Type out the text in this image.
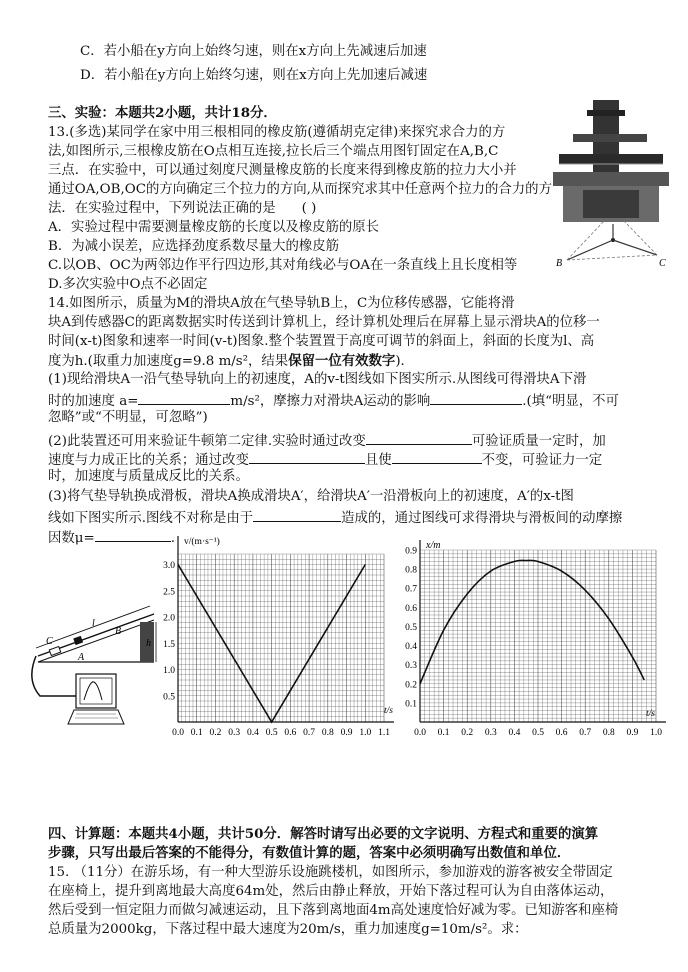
C．若小船在y方向上始终匀速，则在x方向上先减速后加速
D．若小船在y方向上始终匀速，则在x方向上先加速后减速
三、实验：本题共2小题，共计18分．
13.(多选)某同学在家中用三根相同的橡皮筋(遵循胡克定律)来探究求合力的方
法,如图所示,三根橡皮筋在O点相互连接,拉长后三个端点用图钉固定在A,B,C
三点．在实验中，可以通过刻度尺测量橡皮筋的长度来得到橡皮筋的拉力大小并
通过OA,OB,OC的方向确定三个拉力的方向,从而探究求其中任意两个拉力的合力的方
法．在实验过程中，下列说法正确的是 ( )
A．实验过程中需要测量橡皮筋的长度以及橡皮筋的原长
B．为减小误差，应选择劲度系数尽量大的橡皮筋
C.以OB、OC为两邻边作平行四边形,其对角线必与OA在一条直线上且长度相等
D.多次实验中O点不必固定
B	C
14.如图所示，质量为M的滑块A放在气垫导轨B上，C为位移传感器，它能将滑
块A到传感器C的距离数据实时传送到计算机上，经计算机处理后在屏幕上显示滑块A的位移一
时间(x-t)图象和速率一时间(v-t)图象.整个装置置于高度可调节的斜面上，斜面的长度为l、高
度为h.(取重力加速度g=9.8 m/s²，结果保留一位有效数字)．
(1)现给滑块A一沿气垫导轨向上的初速度，A的v-t图线如下图实所示.从图线可得滑块A下滑
时的加速度 a=	m/s²，摩擦力对滑块A运动的影响	.(填“明显，不可
忽略”或“不明显，可忽略”)
(2)此装置还可用来验证牛顿第二定律.实验时通过改变	可验证质量一定时，加
速度与力成正比的关系；通过改变	且使	不变，可验证力一定
时，加速度与质量成反比的关系。
(3)将气垫导轨换成滑板，滑块A换成滑块A′，给滑块A′一沿滑板向上的初速度，A′的x-t图
线如下图实所示.图线不对称是由于	造成的，通过图线可求得滑块与滑板间的动摩擦
因数μ=	.
h
l
B
A
C
0.0 0.1 0.2 0.3 0.4 0.5 0.6 0.7 0.8 0.9 1.0 1.1
0.5
1.0
1.5
2.0
2.5
3.0
v/(m·s⁻¹)
t/s
0.0 0.1 0.2 0.3 0.4 0.5 0.6 0.7 0.8 0.9 1.0
0.1
0.2
0.3
0.4
0.5
0.6
0.7
0.8
0.9
x/m
t/s
四、计算题：本题共4小题，共计50分．解答时请写出必要的文字说明、方程式和重要的演算
步骤，只写出最后答案的不能得分，有数值计算的题，答案中必须明确写出数值和单位．
15. （11分）在游乐场，有一种大型游乐设施跳楼机，如图所示，参加游戏的游客被安全带固定
在座椅上，提升到离地最大高度64m处，然后由静止释放，开始下落过程可认为自由落体运动，
然后受到一恒定阻力而做匀减速运动，且下落到离地面4m高处速度恰好减为零。已知游客和座椅
总质量为2000kg，下落过程中最大速度为20m/s，重力加速度g=10m/s²。求：
